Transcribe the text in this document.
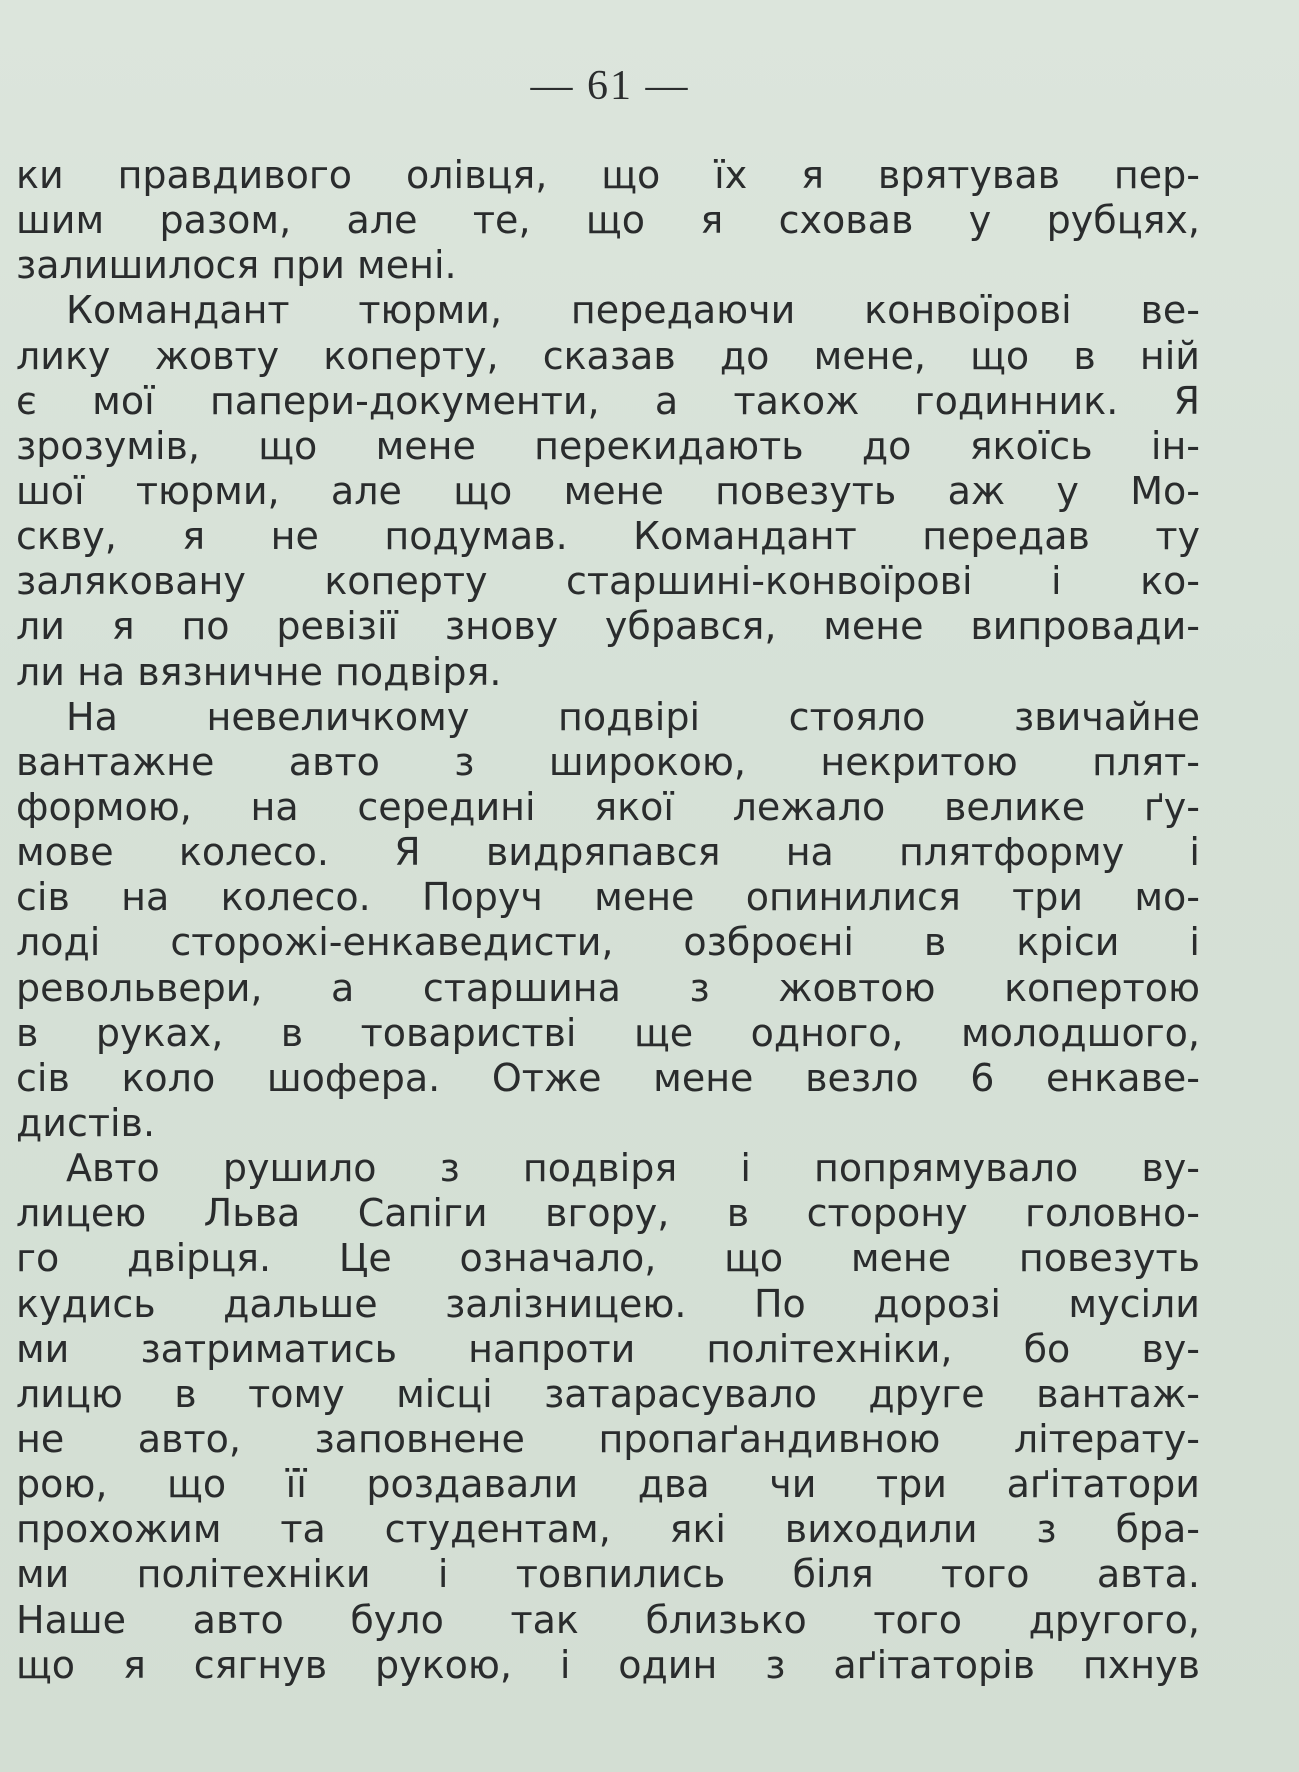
— 61 —
ки правдивого олівця, що їх я врятував пер-
шим разом, але те, що я сховав у рубцях,
залишилося при мені.
Командант тюрми, передаючи конвоїрові ве-
лику жовту коперту, сказав до мене, що в ній
є мої папери-документи, а також годинник. Я
зрозумів, що мене перекидають до якоїсь ін-
шої тюрми, але що мене повезуть аж у Мо-
скву, я не подумав. Командант передав ту
заляковану коперту старшині-конвоїрові і ко-
ли я по ревізії знову убрався, мене випровади-
ли на вязничне подвіря.
На невеличкому подвірі стояло звичайне
вантажне авто з широкою, некритою плят-
формою, на середині якої лежало велике ґу-
мове колесо. Я видряпався на плятформу і
сів на колесо. Поруч мене опинилися три мо-
лоді сторожі-енкаведисти, озброєні в кріси і
револьвери, а старшина з жовтою копертою
в руках, в товаристві ще одного, молодшого,
сів коло шофера. Отже мене везло 6 енкаве-
дистів.
Авто рушило з подвіря і попрямувало ву-
лицею Льва Сапіги вгору, в сторону головно-
го двірця. Це означало, що мене повезуть
кудись дальше залізницею. По дорозі мусіли
ми затриматись напроти політехніки, бо ву-
лицю в тому місці затарасувало друге вантаж-
не авто, заповнене пропаґандивною літерату-
рою, що її роздавали два чи три аґітатори
прохожим та студентам, які виходили з бра-
ми політехніки і товпились біля того авта.
Наше авто було так близько того другого,
що я сягнув рукою, і один з аґітаторів пхнув
